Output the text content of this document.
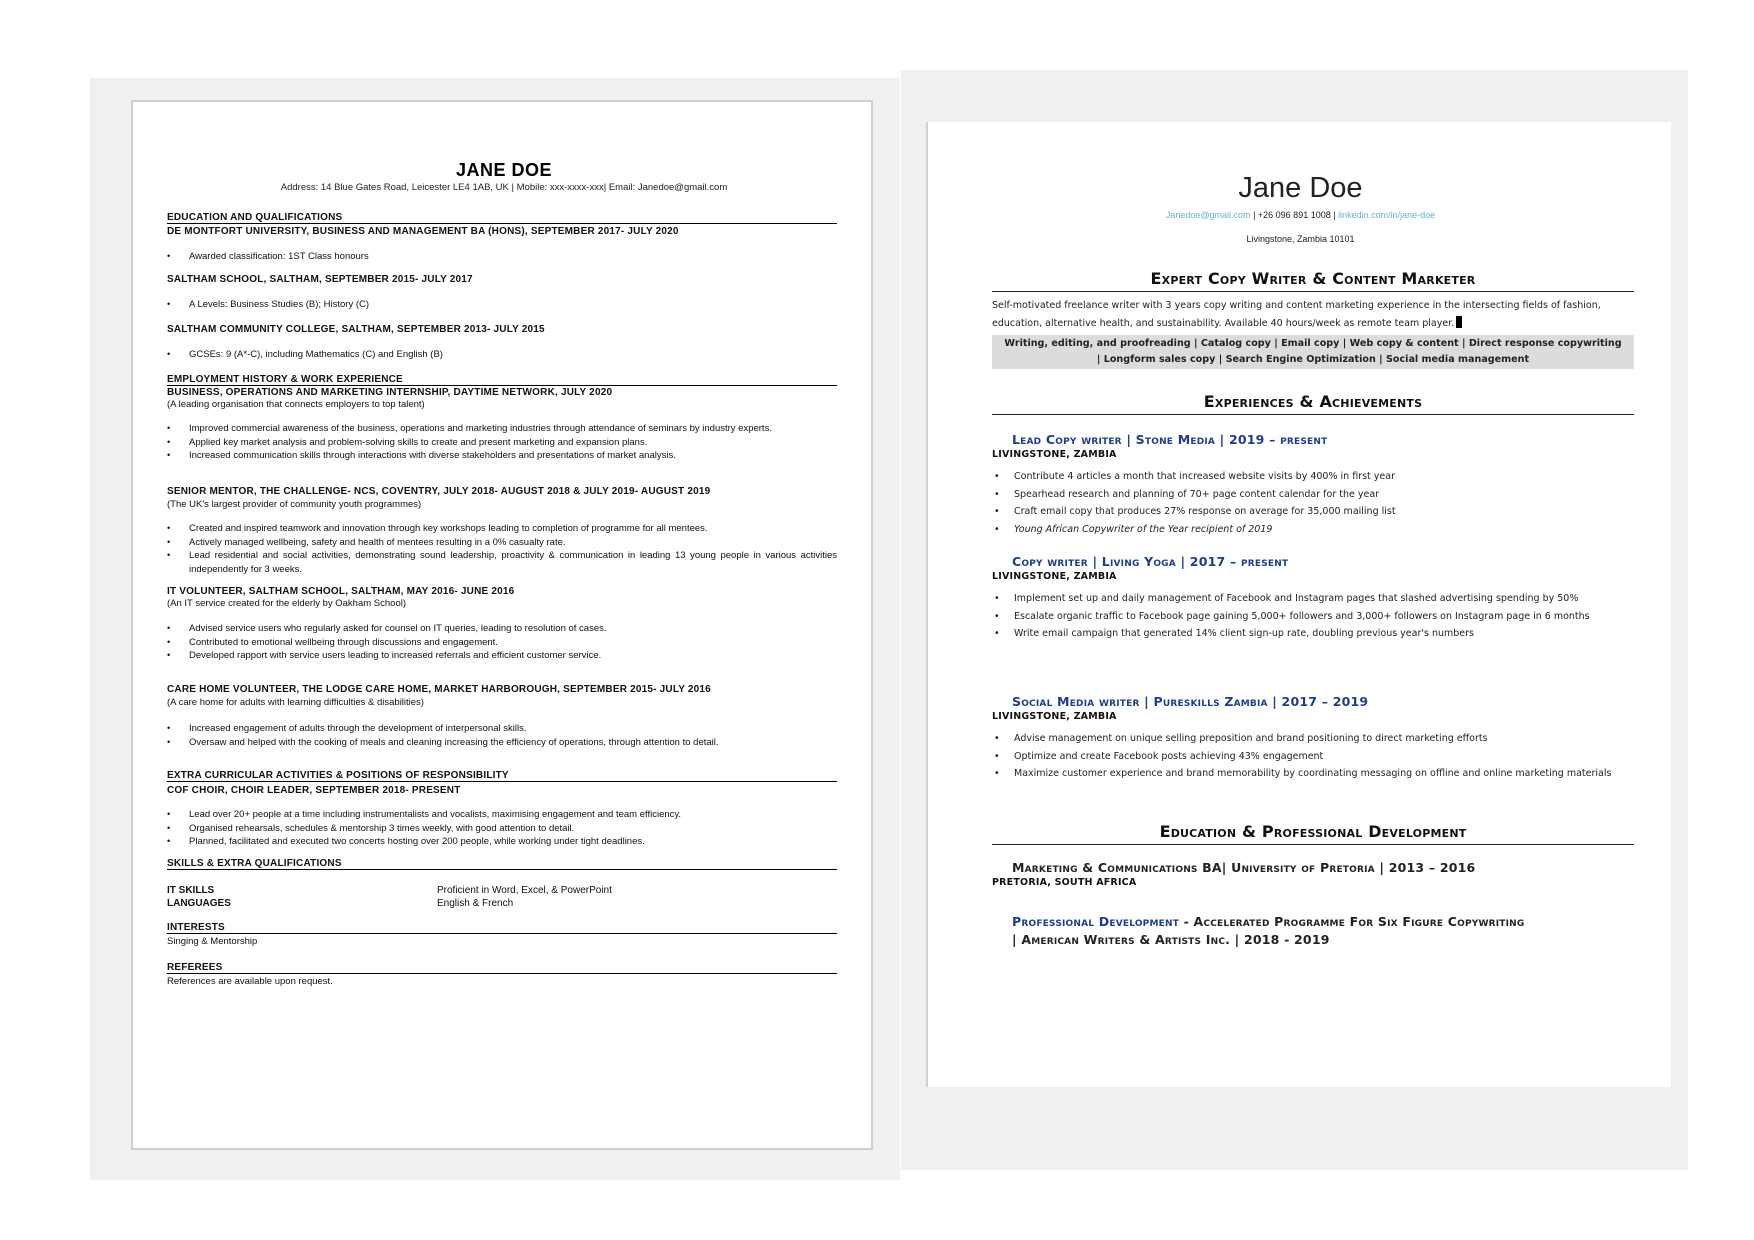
JANE DOE
Address: 14 Blue Gates Road, Leicester LE4 1AB, UK | Mobile: xxx-xxxx-xxx| Email: Janedoe@gmail.com
EDUCATION AND QUALIFICATIONS
DE MONTFORT UNIVERSITY, BUSINESS AND MANAGEMENT BA (HONS), SEPTEMBER 2017- JULY 2020
• Awarded classification: 1ST Class honours
SALTHAM SCHOOL, SALTHAM, SEPTEMBER 2015- JULY 2017
• A Levels: Business Studies (B); History (C)
SALTHAM COMMUNITY COLLEGE, SALTHAM, SEPTEMBER 2013- JULY 2015
• GCSEs: 9 (A*-C), including Mathematics (C) and English (B)
EMPLOYMENT HISTORY & WORK EXPERIENCE
BUSINESS, OPERATIONS AND MARKETING INTERNSHIP, DAYTIME NETWORK, JULY 2020
(A leading organisation that connects employers to top talent)
• Improved commercial awareness of the business, operations and marketing industries through attendance of seminars by industry experts.
• Applied key market analysis and problem-solving skills to create and present marketing and expansion plans.
• Increased communication skills through interactions with diverse stakeholders and presentations of market analysis.
SENIOR MENTOR, THE CHALLENGE- NCS, COVENTRY, JULY 2018- AUGUST 2018 & JULY 2019- AUGUST 2019
(The UK's largest provider of community youth programmes)
• Created and inspired teamwork and innovation through key workshops leading to completion of programme for all mentees.
• Actively managed wellbeing, safety and health of mentees resulting in a 0% casualty rate.
• Lead residential and social activities, demonstrating sound leadership, proactivity & communication in leading 13 young people in various activities independently for 3 weeks.
IT VOLUNTEER, SALTHAM SCHOOL, SALTHAM, MAY 2016- JUNE 2016
(An IT service created for the elderly by Oakham School)
• Advised service users who regularly asked for counsel on IT queries, leading to resolution of cases.
• Contributed to emotional wellbeing through discussions and engagement.
• Developed rapport with service users leading to increased referrals and efficient customer service.
CARE HOME VOLUNTEER, THE LODGE CARE HOME, MARKET HARBOROUGH, SEPTEMBER 2015- JULY 2016
(A care home for adults with learning difficulties & disabilities)
• Increased engagement of adults through the development of interpersonal skills.
• Oversaw and helped with the cooking of meals and cleaning increasing the efficiency of operations, through attention to detail.
EXTRA CURRICULAR ACTIVITIES & POSITIONS OF RESPONSIBILITY
COF CHOIR, CHOIR LEADER, SEPTEMBER 2018- PRESENT
• Lead over 20+ people at a time including instrumentalists and vocalists, maximising engagement and team efficiency.
• Organised rehearsals, schedules & mentorship 3 times weekly, with good attention to detail.
• Planned, facilitated and executed two concerts hosting over 200 people, while working under tight deadlines.
SKILLS & EXTRA QUALIFICATIONS
IT SKILLS	Proficient in Word, Excel, & PowerPoint
LANGUAGES	English & French
INTERESTS
Singing & Mentorship
REFEREES
References are available upon request.
Jane Doe
Janedoe@gmail.com | +26 096 891 1008 | linkedin.com/in/jane-doe
Livingstone, Zambia 10101
Expert Copy Writer & Content Marketer
Self-motivated freelance writer with 3 years copy writing and content marketing experience in the intersecting fields of fashion, education, alternative health, and sustainability. Available 40 hours/week as remote team player.
Writing, editing, and proofreading | Catalog copy | Email copy | Web copy & content | Direct response copywriting
| Longform sales copy | Search Engine Optimization | Social media management
Experiences & Achievements
Lead Copy writer | Stone Media | 2019 – present
LIVINGSTONE, ZAMBIA
• Contribute 4 articles a month that increased website visits by 400% in first year
• Spearhead research and planning of 70+ page content calendar for the year
• Craft email copy that produces 27% response on average for 35,000 mailing list
• Young African Copywriter of the Year recipient of 2019
Copy writer | Living Yoga | 2017 – present
LIVINGSTONE, ZAMBIA
• Implement set up and daily management of Facebook and Instagram pages that slashed advertising spending by 50%
• Escalate organic traffic to Facebook page gaining 5,000+ followers and 3,000+ followers on Instagram page in 6 months
• Write email campaign that generated 14% client sign-up rate, doubling previous year's numbers
Social Media writer | Pureskills Zambia | 2017 – 2019
LIVINGSTONE, ZAMBIA
• Advise management on unique selling preposition and brand positioning to direct marketing efforts
• Optimize and create Facebook posts achieving 43% engagement
• Maximize customer experience and brand memorability by coordinating messaging on offline and online marketing materials
Education & Professional Development
Marketing & Communications BA| University of Pretoria | 2013 – 2016
PRETORIA, SOUTH AFRICA
Professional Development - Accelerated Programme For Six Figure Copywriting
| American Writers & Artists Inc. | 2018 - 2019
